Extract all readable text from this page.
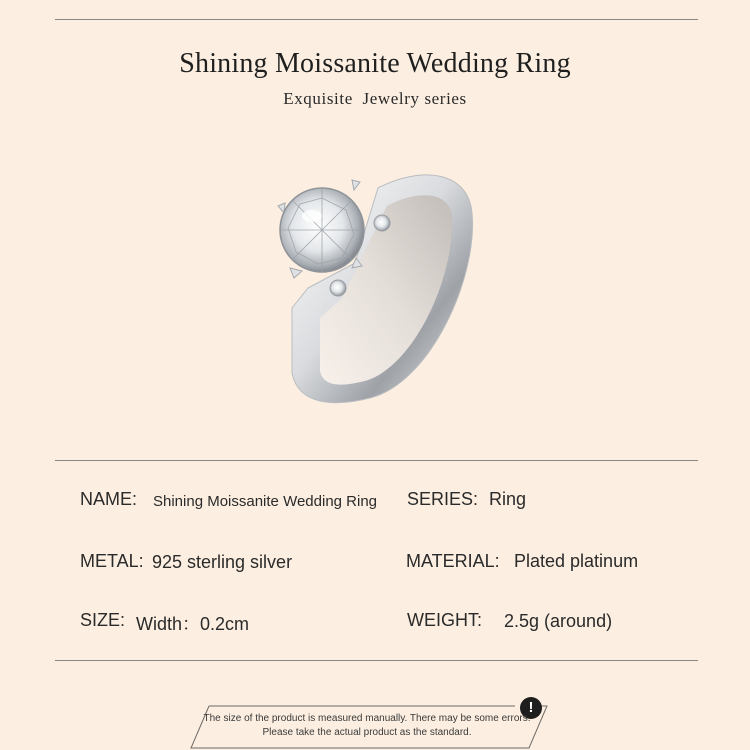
Shining Moissanite Wedding Ring
Exquisite  Jewelry series
NAME: Shining Moissanite Wedding Ring SERIES: Ring
METAL: 925 sterling silver	MATERIAL: Plated platinum
SIZE: Width：0.2cm	WEIGHT: 2.5g (around)
!
The size of the product is measured manually. There may be some errors.
Please take the actual product as the standard.
